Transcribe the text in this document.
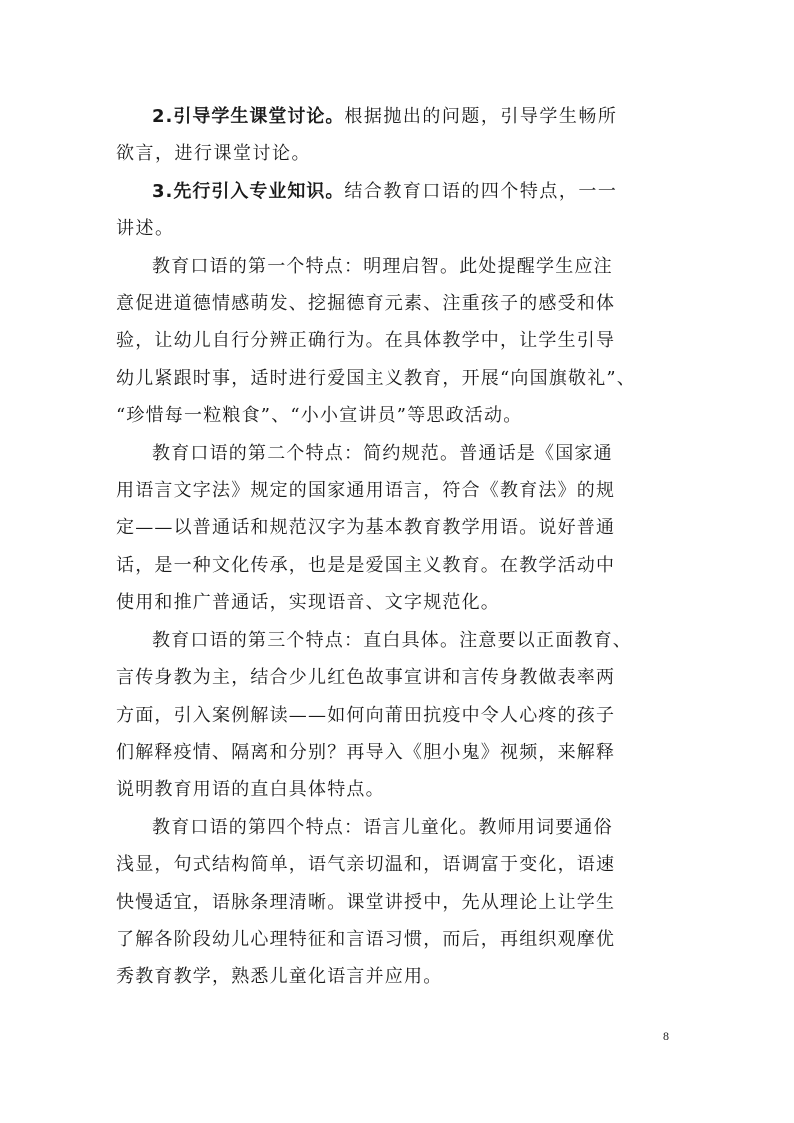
2.引导学生课堂讨论。根据抛出的问题，引导学生畅所
欲言，进行课堂讨论。

3.先行引入专业知识。结合教育口语的四个特点，一一
讲述。

教育口语的第一个特点：明理启智。此处提醒学生应注
意促进道德情感萌发、挖掘德育元素、注重孩子的感受和体
验，让幼儿自行分辨正确行为。在具体教学中，让学生引导
幼儿紧跟时事，适时进行爱国主义教育，开展“向国旗敬礼”、
“珍惜每一粒粮食”、“小小宣讲员”等思政活动。

教育口语的第二个特点：简约规范。普通话是《国家通
用语言文字法》规定的国家通用语言，符合《教育法》的规
定——以普通话和规范汉字为基本教育教学用语。说好普通
话，是一种文化传承，也是是爱国主义教育。在教学活动中
使用和推广普通话，实现语音、文字规范化。

教育口语的第三个特点：直白具体。注意要以正面教育、
言传身教为主，结合少儿红色故事宣讲和言传身教做表率两
方面，引入案例解读——如何向莆田抗疫中令人心疼的孩子
们解释疫情、隔离和分别？再导入《胆小鬼》视频，来解释
说明教育用语的直白具体特点。

教育口语的第四个特点：语言儿童化。教师用词要通俗
浅显，句式结构简单，语气亲切温和，语调富于变化，语速
快慢适宜，语脉条理清晰。课堂讲授中，先从理论上让学生
了解各阶段幼儿心理特征和言语习惯，而后，再组织观摩优
秀教育教学，熟悉儿童化语言并应用。

8
